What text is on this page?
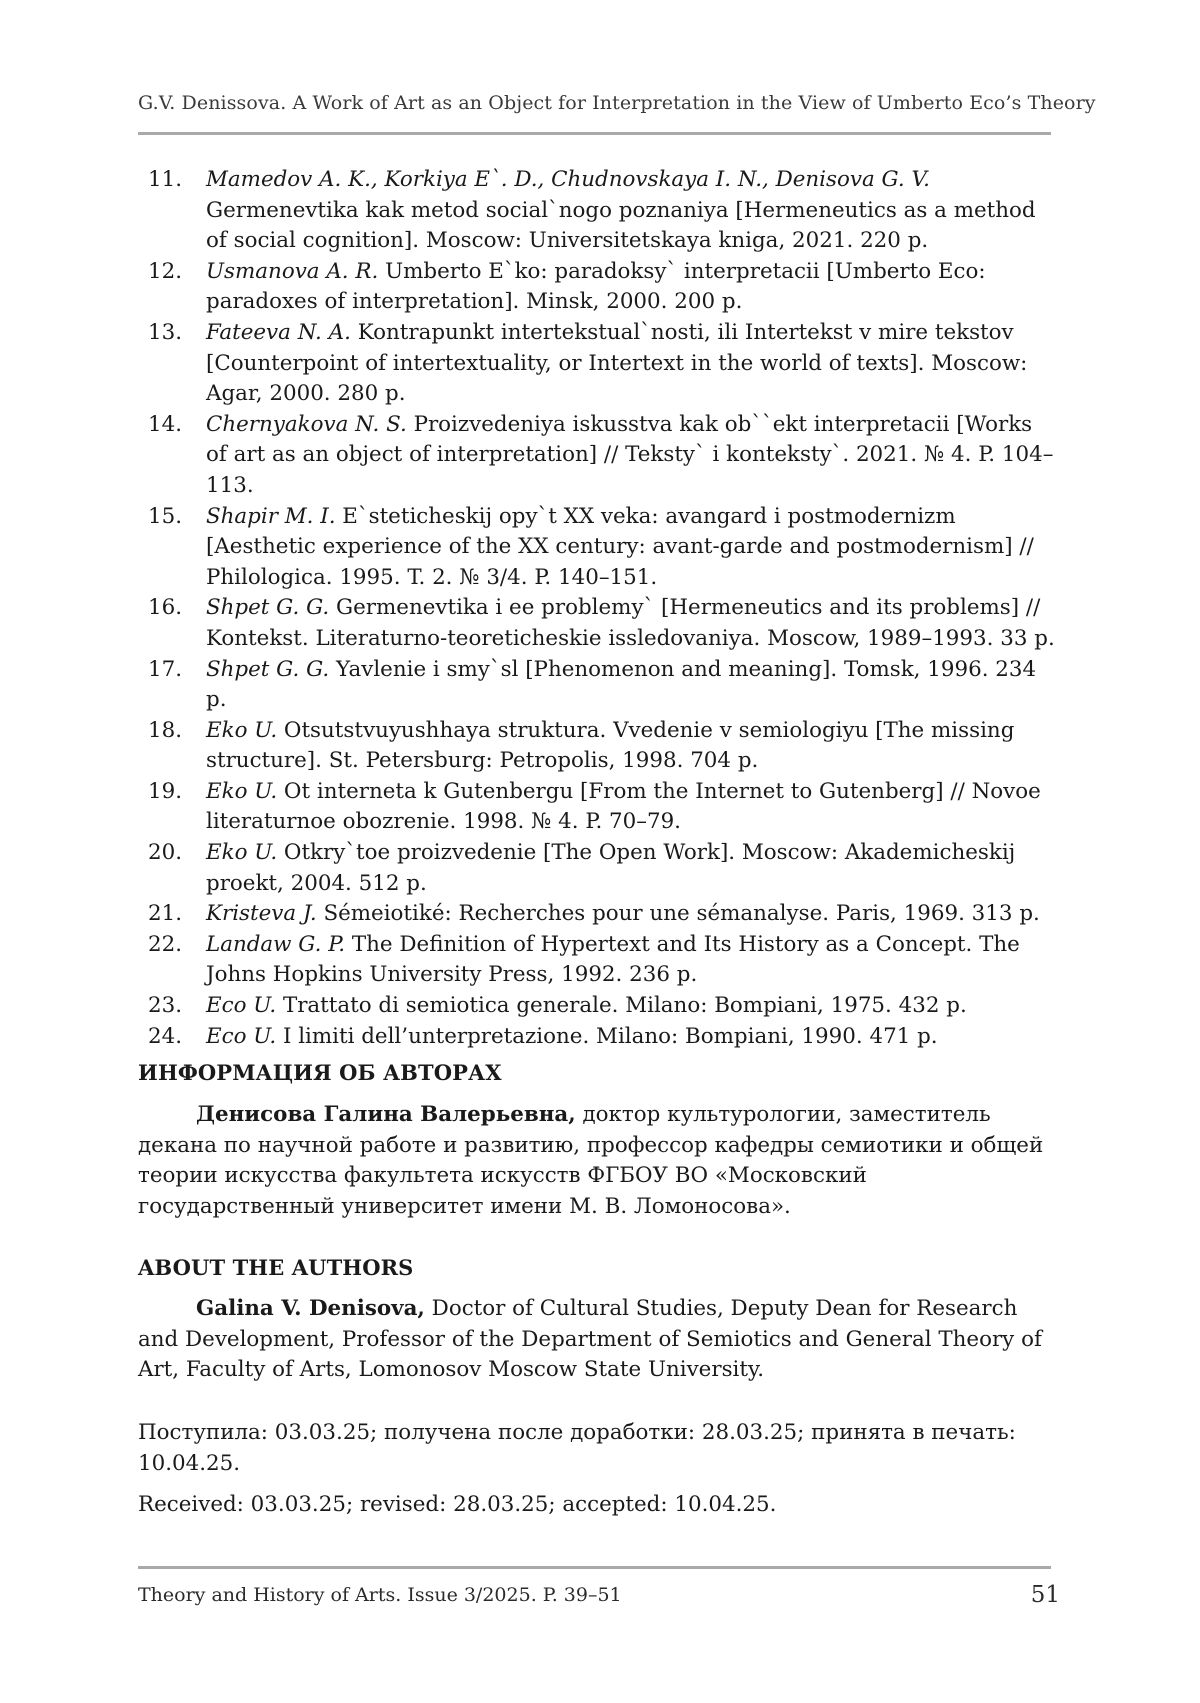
G.V. Denissova. A Work of Art as an Object for Interpretation in the View of Umberto Eco’s Theory
11. Mamedov A. K., Korkiya E`. D., Chudnovskaya I. N., Denisova G. V. Germenevtika kak metod social`nogo poznaniya [Hermeneutics as a method of social cognition]. Moscow: Universitetskaya kniga, 2021. 220 p.
12. Usmanova A. R. Umberto E`ko: paradoksy` interpretacii [Umberto Eco: paradoxes of interpretation]. Minsk, 2000. 200 p.
13. Fateeva N. A. Kontrapunkt intertekstual`nosti, ili Intertekst v mire tekstov [Counterpoint of intertextuality, or Intertext in the world of texts]. Moscow: Agar, 2000. 280 p.
14. Chernyakova N. S. Proizvedeniya iskusstva kak ob``ekt interpretacii [Works of art as an object of interpretation] // Teksty` i konteksty`. 2021. № 4. P. 104–113.
15. Shapir M. I. E`steticheskij opy`t XX veka: avangard i postmodernizm [Aesthetic experience of the XX century: avant-garde and postmodernism] // Philologica. 1995. T. 2. № 3/4. P. 140–151.
16. Shpet G. G. Germenevtika i ee problemy` [Hermeneutics and its problems] // Kontekst. Literaturno-teoreticheskie issledovaniya. Moscow, 1989–1993. 33 p.
17. Shpet G. G. Yavlenie i smy`sl [Phenomenon and meaning]. Tomsk, 1996. 234 p.
18. Eko U. Otsutstvuyushhaya struktura. Vvedenie v semiologiyu [The missing structure]. St. Petersburg: Petropolis, 1998. 704 p.
19. Eko U. Ot interneta k Gutenbergu [From the Internet to Gutenberg] // Novoe literaturnoe obozrenie. 1998. № 4. P. 70–79.
20. Eko U. Otkry`toe proizvedenie [The Open Work]. Moscow: Akademicheskij proekt, 2004. 512 p.
21. Kristeva J. Sémeiotiké: Recherches pour une sémanalyse. Paris, 1969. 313 p.
22. Landaw G. P. The Definition of Hypertext and Its History as a Concept. The Johns Hopkins University Press, 1992. 236 p.
23. Eco U. Trattato di semiotica generale. Milano: Bompiani, 1975. 432 p.
24. Eco U. I limiti dell’unterpretazione. Milano: Bompiani, 1990. 471 p.
ИНФОРМАЦИЯ ОБ АВТОРАХ

Денисова Галина Валерьевна, доктор культурологии, заместитель декана по научной работе и развитию, профессор кафедры семиотики и общей теории искусства факультета искусств ФГБОУ ВО «Московский государственный университет имени М. В. Ломоносова».

ABOUT THE AUTHORS

Galina V. Denisova, Doctor of Cultural Studies, Deputy Dean for Research and Development, Professor of the Department of Semiotics and General Theory of Art, Faculty of Arts, Lomonosov Moscow State University.

Поступила: 03.03.25; получена после доработки: 28.03.25; принята в печать: 10.04.25.

Received: 03.03.25; revised: 28.03.25; accepted: 10.04.25.

Theory and History of Arts. Issue 3/2025. P. 39–51	51
